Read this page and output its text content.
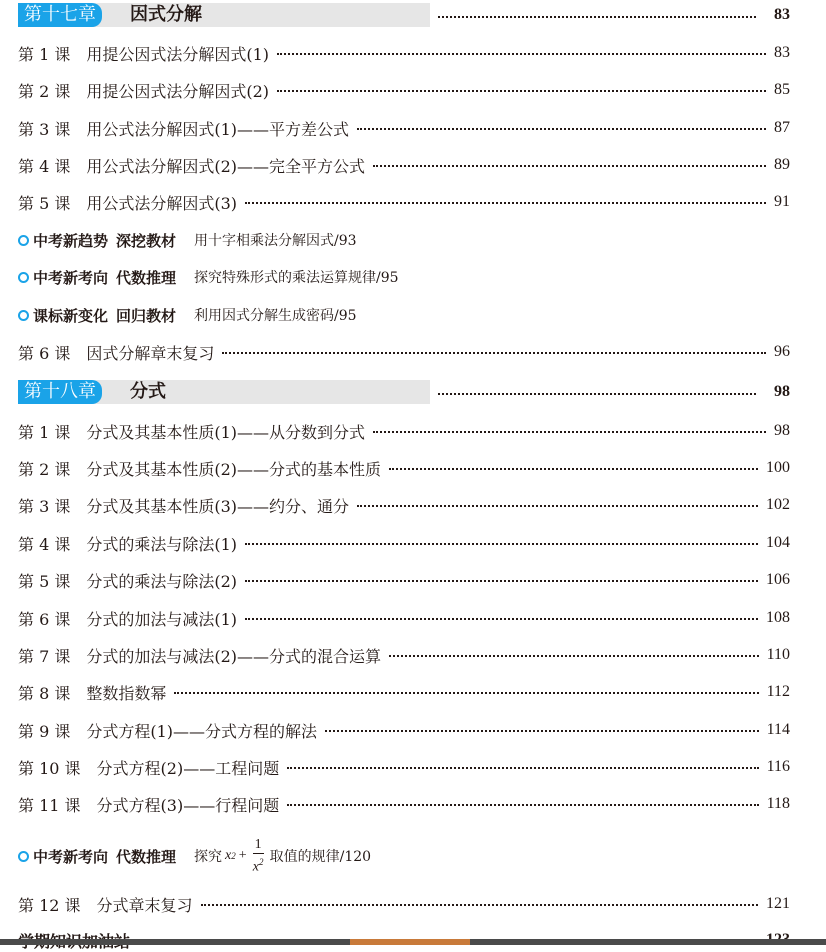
第十七章	因式分解	83
第 1 课 用提公因式法分解因式(1)	83
第 2 课 用提公因式法分解因式(2)	85
第 3 课 用公式法分解因式(1)——平方差公式	87
第 4 课 用公式法分解因式(2)——完全平方公式	89
第 5 课 用公式法分解因式(3)	91
中考新趋势 深挖教材 用十字相乘法分解因式/93
中考新考向 代数推理 探究特殊形式的乘法运算规律/95
课标新变化 回归教材 利用因式分解生成密码/95
第 6 课 因式分解章末复习	96
第十八章	分式	98
第 1 课 分式及其基本性质(1)——从分数到分式	98
第 2 课 分式及其基本性质(2)——分式的基本性质	100
第 3 课 分式及其基本性质(3)——约分、通分	102
第 4 课 分式的乘法与除法(1)	104
第 5 课 分式的乘法与除法(2)	106
第 6 课 分式的加法与减法(1)	108
第 7 课 分式的加法与减法(2)——分式的混合运算	110
第 8 课 整数指数幂	112
第 9 课 分式方程(1)——分式方程的解法	114
第 10 课 分式方程(2)——工程问题	116
第 11 课 分式方程(3)——行程问题	118
中考新考向 代数推理 探究 x $2 + \frac{1}{x^2}$ 取值的规律/120
第 12 课 分式章末复习	121
